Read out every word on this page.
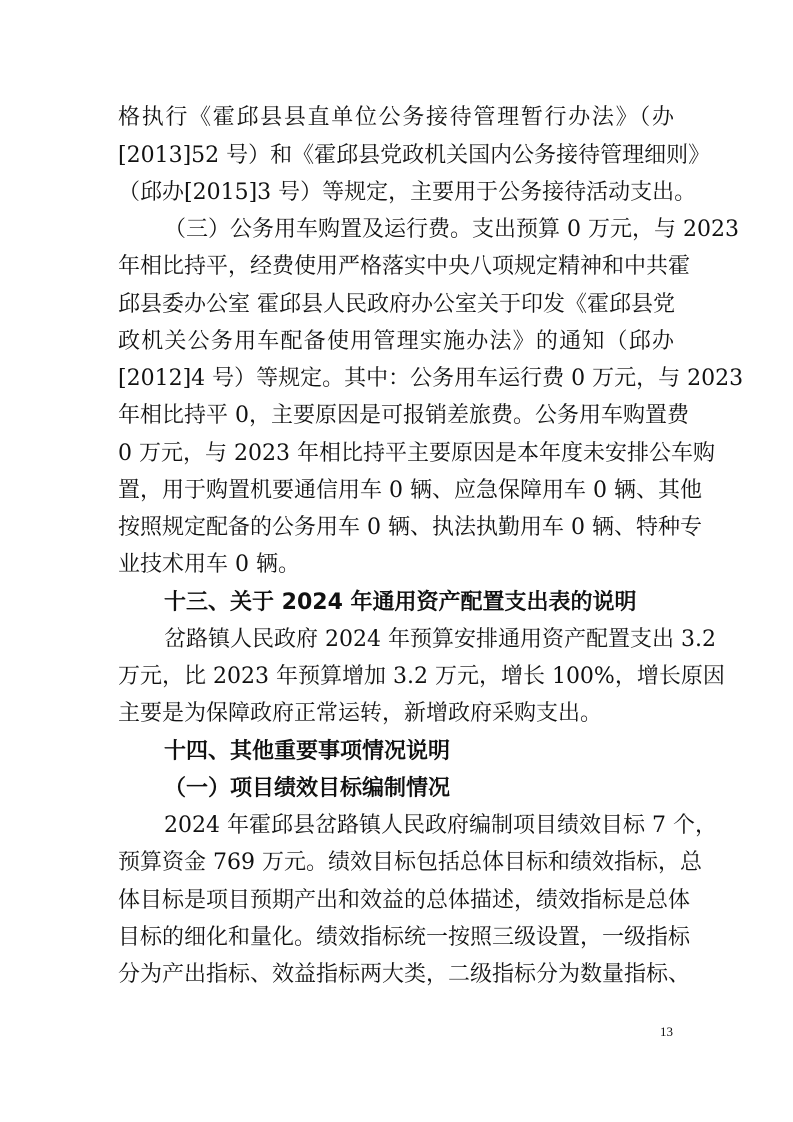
格执行《霍邱县县直单位公务接待管理暂行办法》（办

[2013]52 号）和《霍邱县党政机关国内公务接待管理细则》

（邱办[2015]3 号）等规定，主要用于公务接待活动支出。

（三）公务用车购置及运行费。支出预算 0 万元，与 2023

年相比持平，经费使用严格落实中央八项规定精神和中共霍

邱县委办公室 霍邱县人民政府办公室关于印发《霍邱县党

政机关公务用车配备使用管理实施办法》的通知（邱办

[2012]4 号）等规定。其中：公务用车运行费 0 万元，与 2023

年相比持平 0，主要原因是可报销差旅费。公务用车购置费

0 万元，与 2023 年相比持平主要原因是本年度未安排公车购

置，用于购置机要通信用车 0 辆、应急保障用车 0 辆、其他

按照规定配备的公务用车 0 辆、执法执勤用车 0 辆、特种专

业技术用车 0 辆。

十三、关于 2024 年通用资产配置支出表的说明

岔路镇人民政府 2024 年预算安排通用资产配置支出 3.2

万元，比 2023 年预算增加 3.2 万元，增长 100%，增长原因

主要是为保障政府正常运转，新增政府采购支出。

十四、其他重要事项情况说明

（一）项目绩效目标编制情况

2024 年霍邱县岔路镇人民政府编制项目绩效目标 7 个，

预算资金 769 万元。绩效目标包括总体目标和绩效指标，总

体目标是项目预期产出和效益的总体描述，绩效指标是总体

目标的细化和量化。绩效指标统一按照三级设置，一级指标

分为产出指标、效益指标两大类，二级指标分为数量指标、

13
